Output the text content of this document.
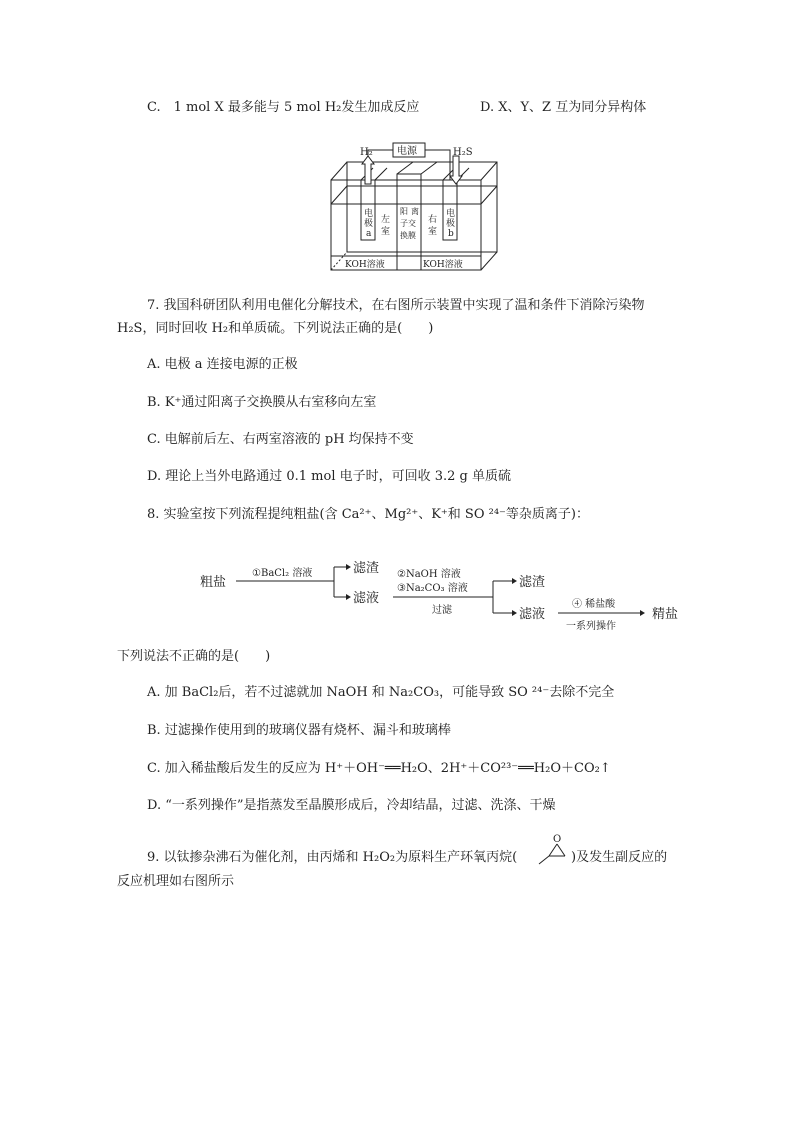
C.　1 mol X 最多能与 5 mol H₂发生加成反应	D. X、Y、Z 互为同分异构体
H₂ 电源	H₂S
电
极
a
左
室
阳 离
子交
换膜
右
室
电
极
b
KOH溶液	KOH溶液
7. 我国科研团队利用电催化分解技术，在右图所示装置中实现了温和条件下消除污染物
H₂S，同时回收 H₂和单质硫。下列说法正确的是(　　)
A. 电极 a 连接电源的正极
B. K⁺通过阳离子交换膜从右室移向左室
C. 电解前后左、右两室溶液的 pH 均保持不变
D. 理论上当外电路通过 0.1 mol 电子时，可回收 3.2 g 单质硫
8. 实验室按下列流程提纯粗盐(含 Ca²⁺、Mg²⁺、K⁺和 SO ²⁴⁻等杂质离子)：
粗盐
①BaCl₂ 溶液	滤渣
滤液
②NaOH 溶液
③Na₂CO₃ 溶液
过滤
滤渣
滤液
④ 稀盐酸
一系列操作
精盐
下列说法不正确的是(　　)
A. 加 BaCl₂后，若不过滤就加 NaOH 和 Na₂CO₃，可能导致 SO ²⁴⁻去除不完全
B. 过滤操作使用到的玻璃仪器有烧杯、漏斗和玻璃棒
C. 加入稀盐酸后发生的反应为 H⁺＋OH⁻══H₂O、2H⁺＋CO²³⁻══H₂O＋CO₂↑
D. “一系列操作”是指蒸发至晶膜形成后，冷却结晶，过滤、洗涤、干燥
9. 以钛掺杂沸石为催化剂，由丙烯和 H₂O₂为原料生产环氧丙烷(
O
)及发生副反应的
反应机理如右图所示
